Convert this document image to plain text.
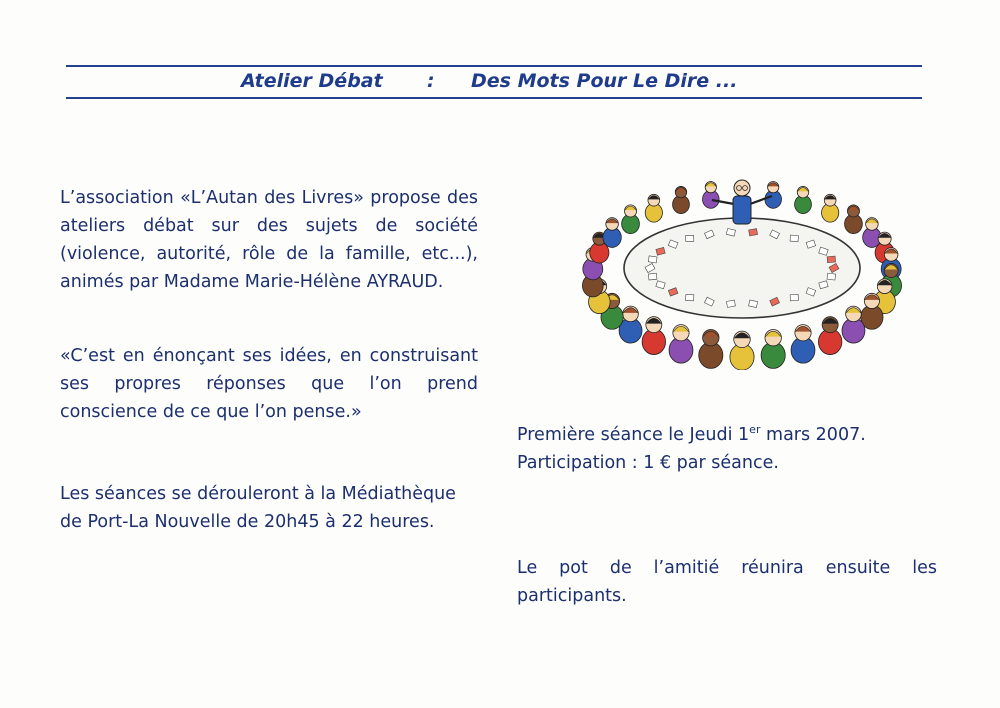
Atelier Débat : Des Mots Pour Le Dire ...

L’association «L’Autan des Livres» propose des ateliers débat sur des sujets de société (violence, autorité, rôle de la famille, etc...), animés par Madame Marie-Hélène AYRAUD.

«C’est en énonçant ses idées, en construisant ses propres réponses que l’on prend conscience de ce que l’on pense.»

Les séances se dérouleront à la Médiathèque de Port-La Nouvelle de 20h45 à 22 heures.

Première séance le Jeudi 1er mars 2007.
Participation : 1 € par séance.

Le pot de l’amitié réunira ensuite les participants.
